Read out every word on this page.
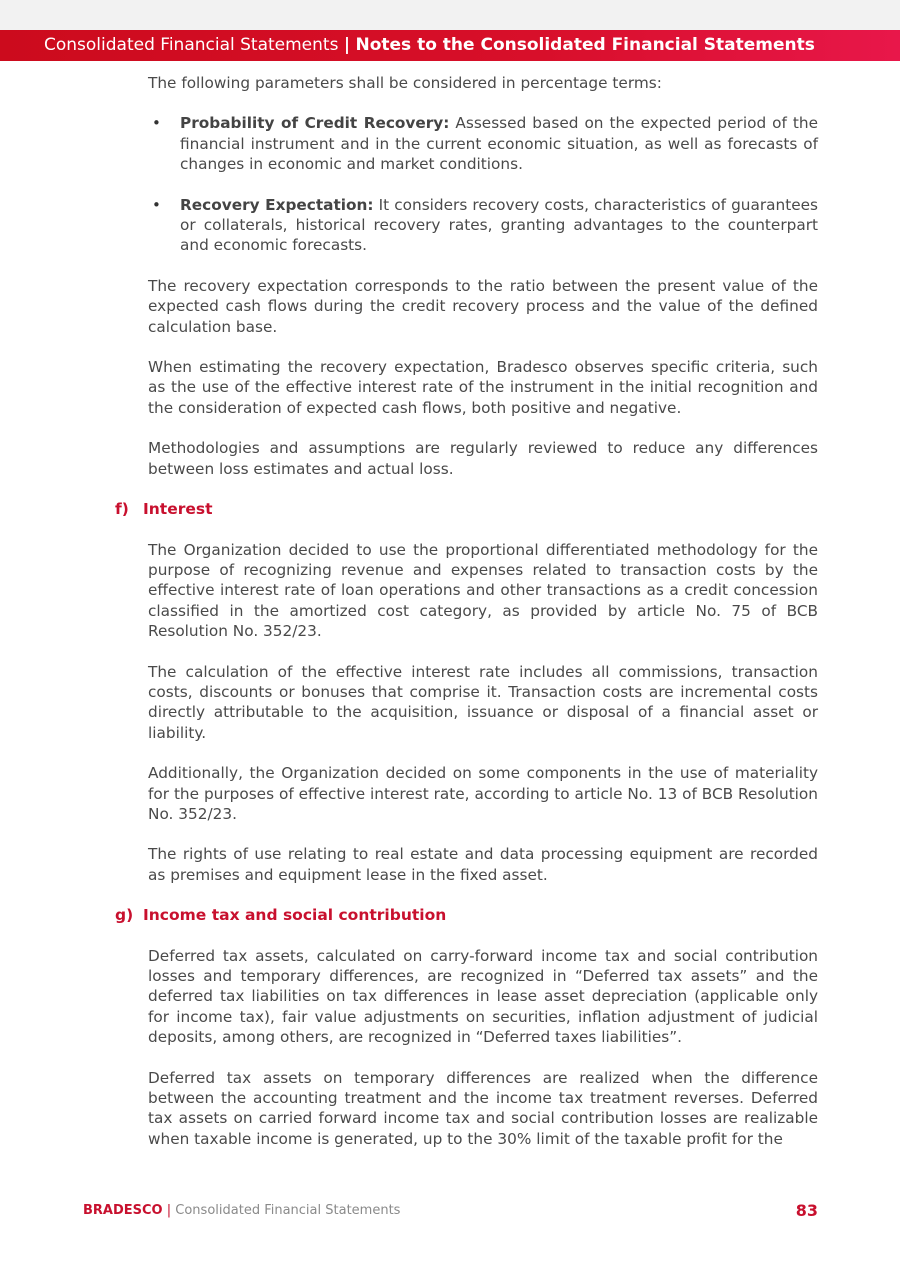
Consolidated Financial Statements | Notes to the Consolidated Financial Statements

The following parameters shall be considered in percentage terms:

• Probability of Credit Recovery: Assessed based on the expected period of the financial instrument and in the current economic situation, as well as forecasts of changes in economic and market conditions.
• Recovery Expectation: It considers recovery costs, characteristics of guarantees or collaterals, historical recovery rates, granting advantages to the counterpart and economic forecasts.

The recovery expectation corresponds to the ratio between the present value of the expected cash flows during the credit recovery process and the value of the defined calculation base.

When estimating the recovery expectation, Bradesco observes specific criteria, such as the use of the effective interest rate of the instrument in the initial recognition and the consideration of expected cash flows, both positive and negative.

Methodologies and assumptions are regularly reviewed to reduce any differences between loss estimates and actual loss.

f) Interest

The Organization decided to use the proportional differentiated methodology for the purpose of recognizing revenue and expenses related to transaction costs by the effective interest rate of loan operations and other transactions as a credit concession classified in the amortized cost category, as provided by article No. 75 of BCB Resolution No. 352/23.

The calculation of the effective interest rate includes all commissions, transaction costs, discounts or bonuses that comprise it. Transaction costs are incremental costs directly attributable to the acquisition, issuance or disposal of a financial asset or liability.

Additionally, the Organization decided on some components in the use of materiality for the purposes of effective interest rate, according to article No. 13 of BCB Resolution No. 352/23.

The rights of use relating to real estate and data processing equipment are recorded as premises and equipment lease in the fixed asset.

g) Income tax and social contribution

Deferred tax assets, calculated on carry-forward income tax and social contribution losses and temporary differences, are recognized in “Deferred tax assets” and the deferred tax liabilities on tax differences in lease asset depreciation (applicable only for income tax), fair value adjustments on securities, inflation adjustment of judicial deposits, among others, are recognized in “Deferred taxes liabilities”.

Deferred tax assets on temporary differences are realized when the difference between the accounting treatment and the income tax treatment reverses. Deferred tax assets on carried forward income tax and social contribution losses are realizable when taxable income is generated, up to the 30% limit of the taxable profit for the

BRADESCO | Consolidated Financial Statements	83
